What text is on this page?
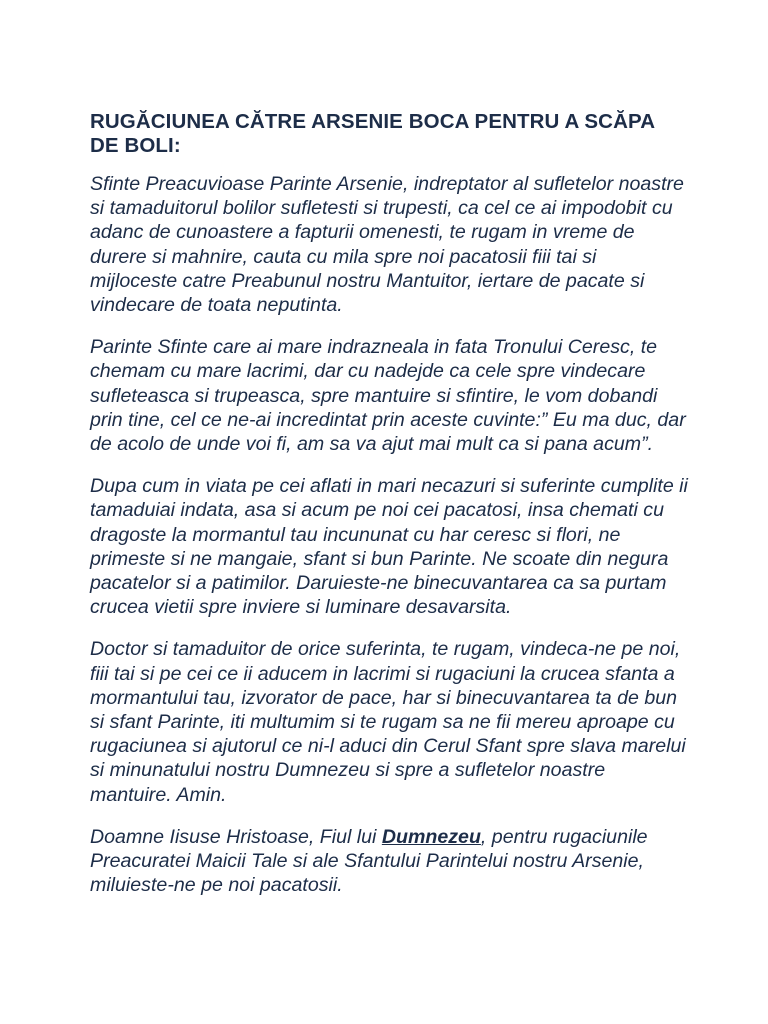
RUGĂCIUNEA CĂTRE ARSENIE BOCA PENTRU A SCĂPA DE BOLI:

Sfinte Preacuvioase Parinte Arsenie, indreptator al sufletelor noastre si tamaduitorul bolilor sufletesti si trupesti, ca cel ce ai impodobit cu adanc de cunoastere a fapturii omenesti, te rugam in vreme de durere si mahnire, cauta cu mila spre noi pacatosii fiii tai si mijloceste catre Preabunul nostru Mantuitor, iertare de pacate si vindecare de toata neputinta.

Parinte Sfinte care ai mare indrazneala in fata Tronului Ceresc, te chemam cu mare lacrimi, dar cu nadejde ca cele spre vindecare sufleteasca si trupeasca, spre mantuire si sfintire, le vom dobandi prin tine, cel ce ne-ai incredintat prin aceste cuvinte:” Eu ma duc, dar de acolo de unde voi fi, am sa va ajut mai mult ca si pana acum”.

Dupa cum in viata pe cei aflati in mari necazuri si suferinte cumplite ii tamaduiai indata, asa si acum pe noi cei pacatosi, insa chemati cu dragoste la mormantul tau incununat cu har ceresc si flori, ne primeste si ne mangaie, sfant si bun Parinte. Ne scoate din negura pacatelor si a patimilor. Daruieste-ne binecuvantarea ca sa purtam crucea vietii spre inviere si luminare desavarsita.

Doctor si tamaduitor de orice suferinta, te rugam, vindeca-ne pe noi, fiii tai si pe cei ce ii aducem in lacrimi si rugaciuni la crucea sfanta a mormantului tau, izvorator de pace, har si binecuvantarea ta de bun si sfant Parinte, iti multumim si te rugam sa ne fii mereu aproape cu rugaciunea si ajutorul ce ni-l aduci din Cerul Sfant spre slava marelui si minunatului nostru Dumnezeu si spre a sufletelor noastre mantuire. Amin.

Doamne Iisuse Hristoase, Fiul lui Dumnezeu, pentru rugaciunile Preacuratei Maicii Tale si ale Sfantului Parintelui nostru Arsenie, miluieste-ne pe noi pacatosii.
